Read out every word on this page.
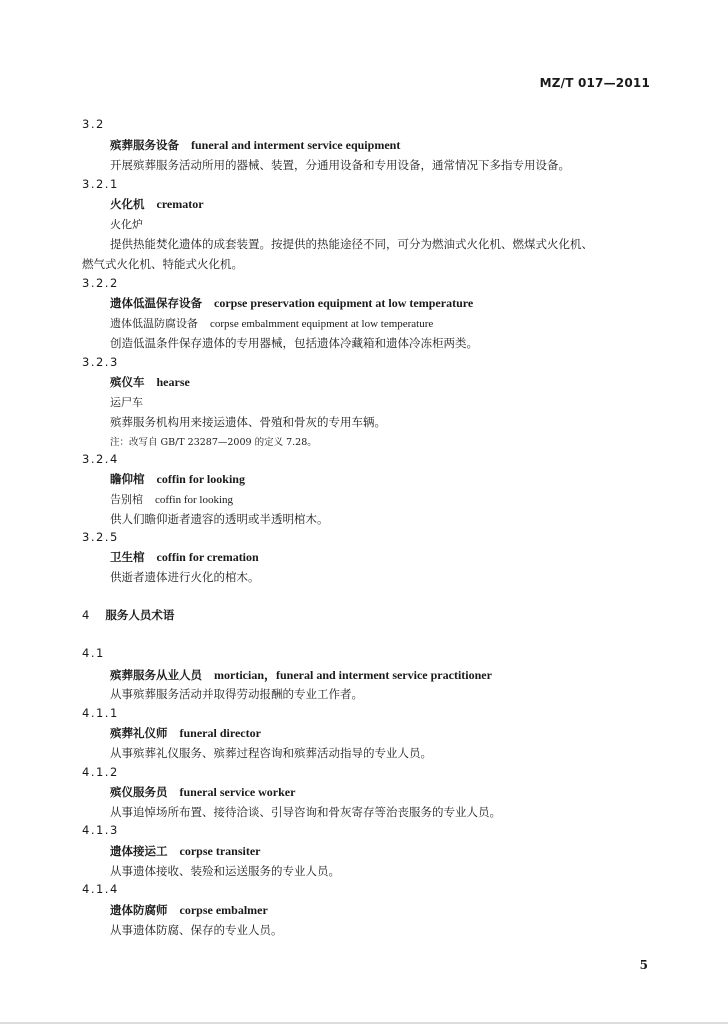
MZ/T 017—2011
3.2
殡葬服务设备 funeral and interment service equipment
开展殡葬服务活动所用的器械、装置，分通用设备和专用设备，通常情况下多指专用设备。
3.2.1
火化机 cremator
火化炉
提供热能焚化遗体的成套装置。按提供的热能途径不同，可分为燃油式火化机、燃煤式火化机、
燃气式火化机、特能式火化机。
3.2.2
遗体低温保存设备 corpse preservation equipment at low temperature
遗体低温防腐设备 corpse embalmment equipment at low temperature
创造低温条件保存遗体的专用器械，包括遗体冷藏箱和遗体冷冻柜两类。
3.2.3
殡仪车 hearse
运尸车
殡葬服务机构用来接运遗体、骨殖和骨灰的专用车辆。
注：改写自 GB/T 23287—2009 的定义 7.28。
3.2.4
瞻仰棺 coffin for looking
告别棺 coffin for looking
供人们瞻仰逝者遗容的透明或半透明棺木。
3.2.5
卫生棺 coffin for cremation
供逝者遗体进行火化的棺木。
4 服务人员术语
4.1
殡葬服务从业人员 mortician，funeral and interment service practitioner
从事殡葬服务活动并取得劳动报酬的专业工作者。
4.1.1
殡葬礼仪师 funeral director
从事殡葬礼仪服务、殡葬过程咨询和殡葬活动指导的专业人员。
4.1.2
殡仪服务员 funeral service worker
从事追悼场所布置、接待洽谈、引导咨询和骨灰寄存等治丧服务的专业人员。
4.1.3
遗体接运工 corpse transiter
从事遗体接收、装殓和运送服务的专业人员。
4.1.4
遗体防腐师 corpse embalmer
从事遗体防腐、保存的专业人员。
5
